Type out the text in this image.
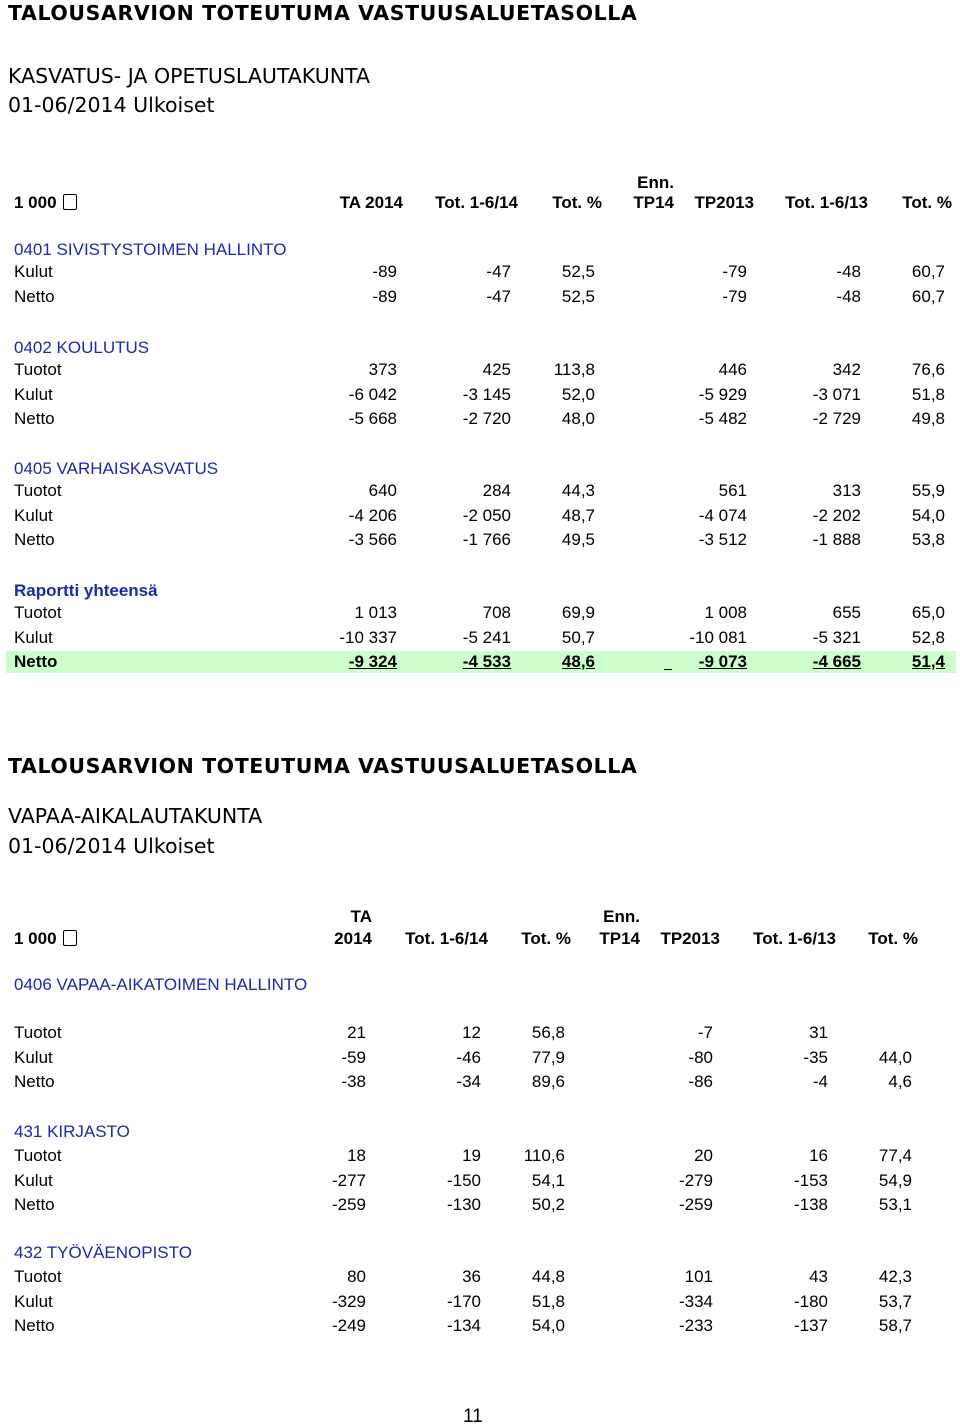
TALOUSARVION TOTEUTUMA VASTUUSALUETASOLLA
KASVATUS- JA OPETUSLAUTAKUNTA
01-06/2014 Ulkoiset
1 000	TA 2014 Tot. 1-6/14 Tot. %
Enn.
TP14 TP2013 Tot. 1-6/13 Tot. %
0401 SIVISTYSTOIMEN HALLINTO
Kulut	-89	-47	52,5	-79	-48	60,7
Netto	-89	-47	52,5	-79	-48	60,7
0402 KOULUTUS
Tuotot	373	425	113,8	446	342	76,6
Kulut	-6 042	-3 145	52,0	-5 929	-3 071	51,8
Netto	-5 668	-2 720	48,0	-5 482	-2 729	49,8
0405 VARHAISKASVATUS
Tuotot	640	284	44,3	561	313	55,9
Kulut	-4 206	-2 050	48,7	-4 074	-2 202	54,0
Netto	-3 566	-1 766	49,5	-3 512	-1 888	53,8
Raportti yhteensä
Tuotot	1 013	708	69,9	1 008	655	65,0
Kulut	-10 337	-5 241	50,7	-10 081	-5 321	52,8
Netto	-9 324	-4 533	48,6	-9 073	-4 665	51,4
TALOUSARVION TOTEUTUMA VASTUUSALUETASOLLA
VAPAA-AIKALAUTAKUNTA
01-06/2014 Ulkoiset
1 000
TA
2014 Tot. 1-6/14 Tot. %
Enn.
TP14 TP2013 Tot. 1-6/13 Tot. %
0406 VAPAA-AIKATOIMEN HALLINTO
Tuotot	21	12	56,8	-7	31
Kulut	-59	-46	77,9	-80	-35	44,0
Netto	-38	-34	89,6	-86	-4	4,6
431 KIRJASTO
Tuotot	18	19	110,6	20	16	77,4
Kulut	-277	-150	54,1	-279	-153	54,9
Netto	-259	-130	50,2	-259	-138	53,1
432 TYÖVÄENOPISTO
Tuotot	80	36	44,8	101	43	42,3
Kulut	-329	-170	51,8	-334	-180	53,7
Netto	-249	-134	54,0	-233	-137	58,7
11
